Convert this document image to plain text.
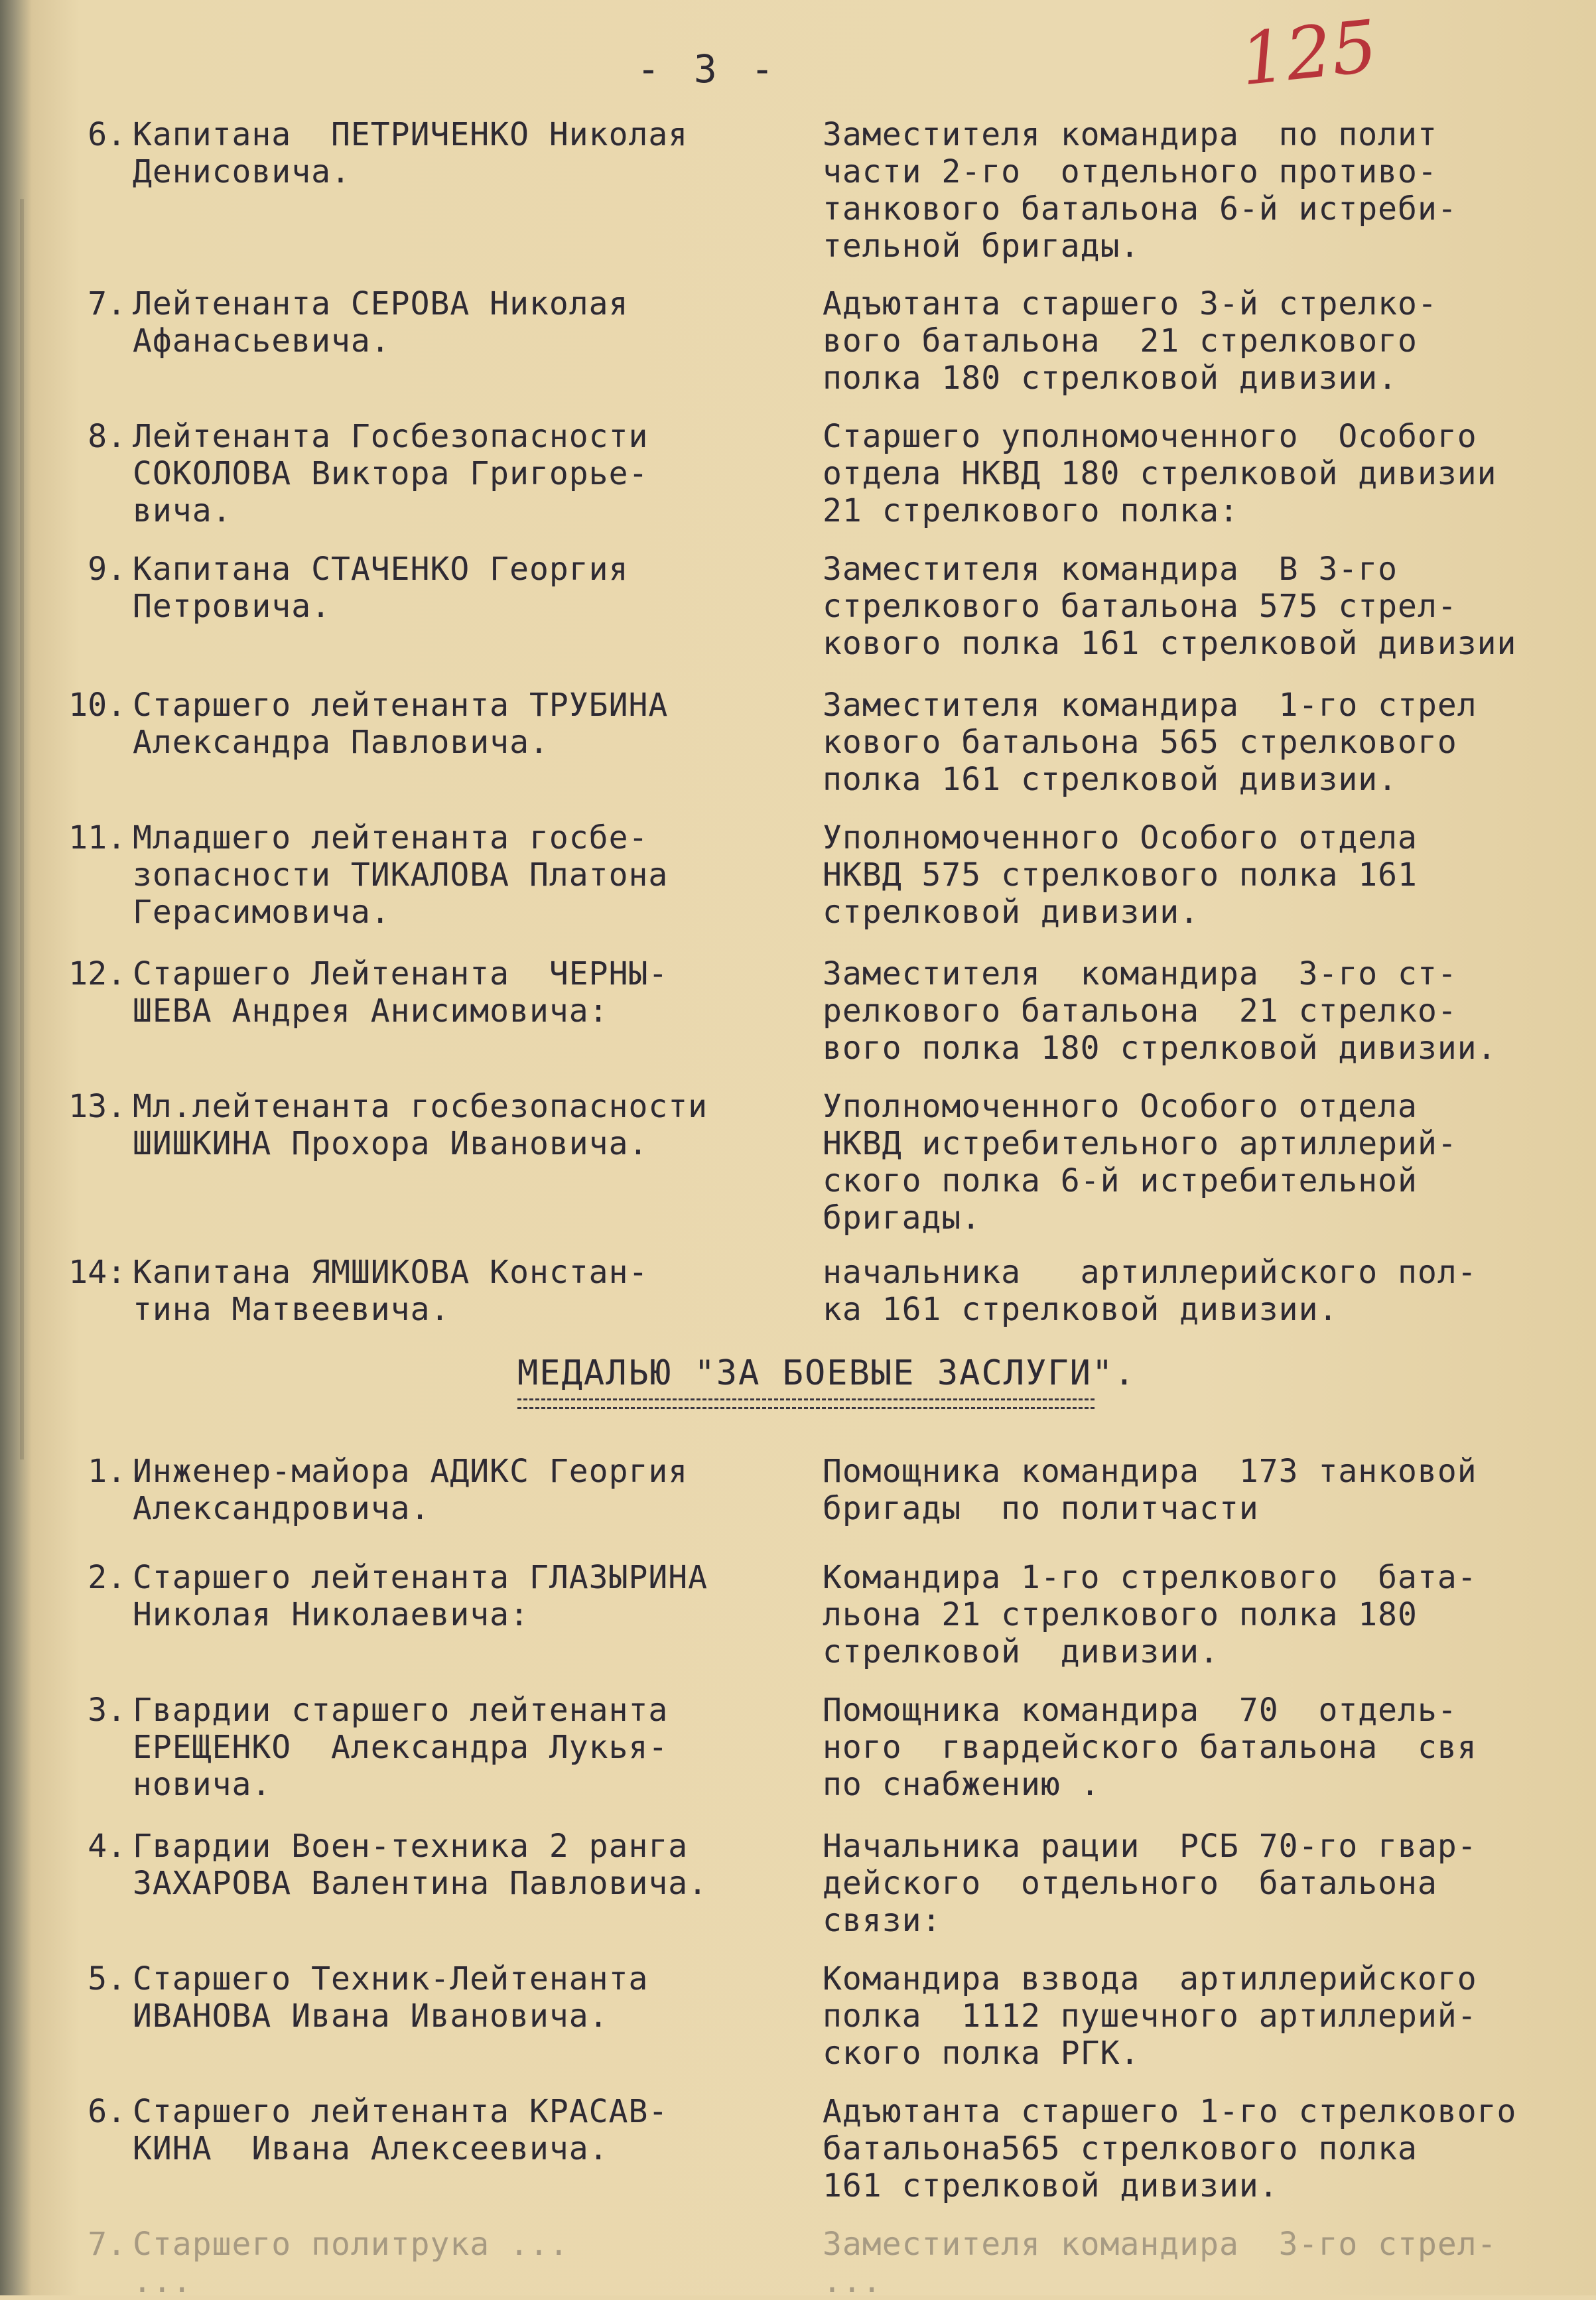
- 3 -	125
6. Капитана  ПЕТРИЧЕНКО Николая
Денисовича.
Заместителя командира  по полит
части 2-го  отдельного противо-
танкового батальона 6-й истреби-
тельной бригады.
7. Лейтенанта СЕРОВА Николая
Афанасьевича.
Адъютанта старшего 3-й стрелко-
вого батальона  21 стрелкового
полка 180 стрелковой дивизии.
8. Лейтенанта Госбезопасности
СОКОЛОВА Виктора Григорье-
вича.
Старшего уполномоченного  Особого
отдела НКВД 180 стрелковой дивизии
21 стрелкового полка:
9. Капитана СТАЧЕНКО Георгия
Петровича.
Заместителя командира  В 3-го
стрелкового батальона 575 стрел-
кового полка 161 стрелковой дивизии
10. Старшего лейтенанта ТРУБИНА
Александра Павловича.
Заместителя командира  1-го стрел
кового батальона 565 стрелкового
полка 161 стрелковой дивизии.
11. Младшего лейтенанта госбе-
зопасности ТИКАЛОВА Платона
Герасимовича.
Уполномоченного Особого отдела
НКВД 575 стрелкового полка 161
стрелковой дивизии.
12. Старшего Лейтенанта  ЧЕРНЫ-
ШЕВА Андрея Анисимовича:
Заместителя  командира  3-го ст-
релкового батальона  21 стрелко-
вого полка 180 стрелковой дивизии.
13. Мл.лейтенанта госбезопасности
ШИШКИНА Прохора Ивановича.
Уполномоченного Особого отдела
НКВД истребительного артиллерий-
ского полка 6-й истребительной
бригады.
14: Капитана ЯМШИКОВА Констан-
тина Матвеевича.
начальника   артиллерийского пол-
ка 161 стрелковой дивизии.
МЕДАЛЬЮ "ЗА БОЕВЫЕ ЗАСЛУГИ".
1. Инженер-майора АДИКС Георгия
Александровича.
Помощника командира  173 танковой
бригады  по политчасти
2. Старшего лейтенанта ГЛАЗЫРИНА
Николая Николаевича:
Командира 1-го стрелкового  бата-
льона 21 стрелкового полка 180
стрелковой  дивизии.
3. Гвардии старшего лейтенанта
ЕРЕЩЕНКО  Александра Лукья-
новича.
Помощника командира  70  отдель-
ного  гвардейского батальона  свя
по снабжению .
4. Гвардии Воен-техника 2 ранга
ЗАХАРОВА Валентина Павловича.
Начальника рации  РСБ 70-го гвар-
дейского  отдельного  батальона
связи:
5. Старшего Техник-Лейтенанта
ИВАНОВА Ивана Ивановича.
Командира взвода  артиллерийского
полка  1112 пушечного артиллерий-
ского полка РГК.
6. Старшего лейтенанта КРАСАВ-
КИНА  Ивана Алексеевича.
Адъютанта старшего 1-го стрелкового
батальона565 стрелкового полка
161 стрелковой дивизии.
7. Старшего политрука ...
...
Заместителя командира  3-го стрел-
...
